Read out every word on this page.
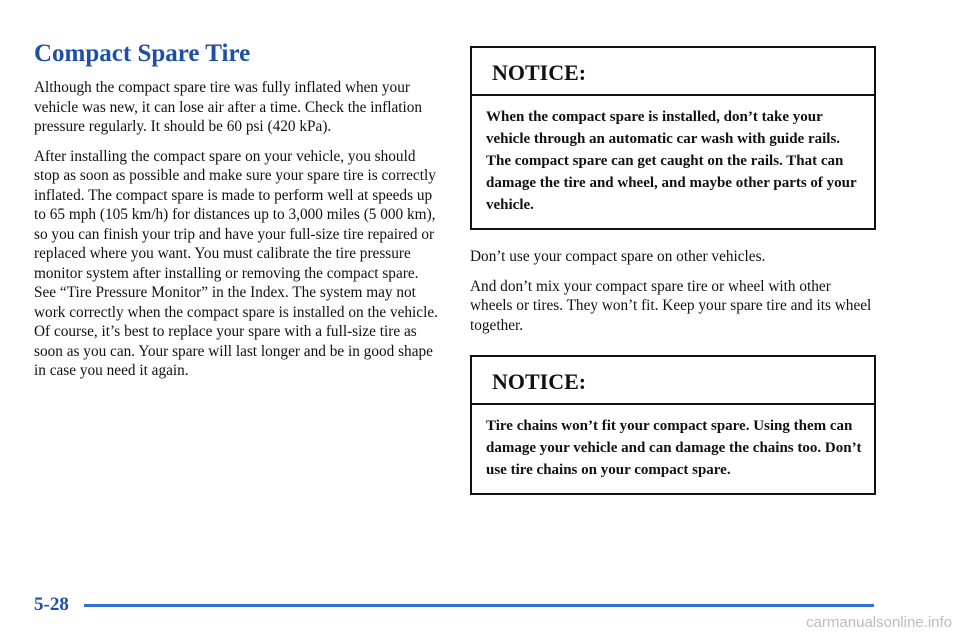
Compact Spare Tire

Although the compact spare tire was fully inflated when your vehicle was new, it can lose air after a time. Check the inflation pressure regularly. It should be 60 psi (420 kPa).

After installing the compact spare on your vehicle, you should stop as soon as possible and make sure your spare tire is correctly inflated. The compact spare is made to perform well at speeds up to 65 mph (105 km/h) for distances up to 3,000 miles (5 000 km), so you can finish your trip and have your full-size tire repaired or replaced where you want. You must calibrate the tire pressure monitor system after installing or removing the compact spare. See “Tire Pressure Monitor” in the Index. The system may not work correctly when the compact spare is installed on the vehicle. Of course, it’s best to replace your spare with a full-size tire as soon as you can. Your spare will last longer and be in good shape in case you need it again.

NOTICE:
When the compact spare is installed, don’t take your vehicle through an automatic car wash with guide rails. The compact spare can get caught on the rails. That can damage the tire and wheel, and maybe other parts of your vehicle.

Don’t use your compact spare on other vehicles.

And don’t mix your compact spare tire or wheel with other wheels or tires. They won’t fit. Keep your spare tire and its wheel together.

NOTICE:
Tire chains won’t fit your compact spare. Using them can damage your vehicle and can damage the chains too. Don’t use tire chains on your compact spare.
5-28
carmanualsonline.info
